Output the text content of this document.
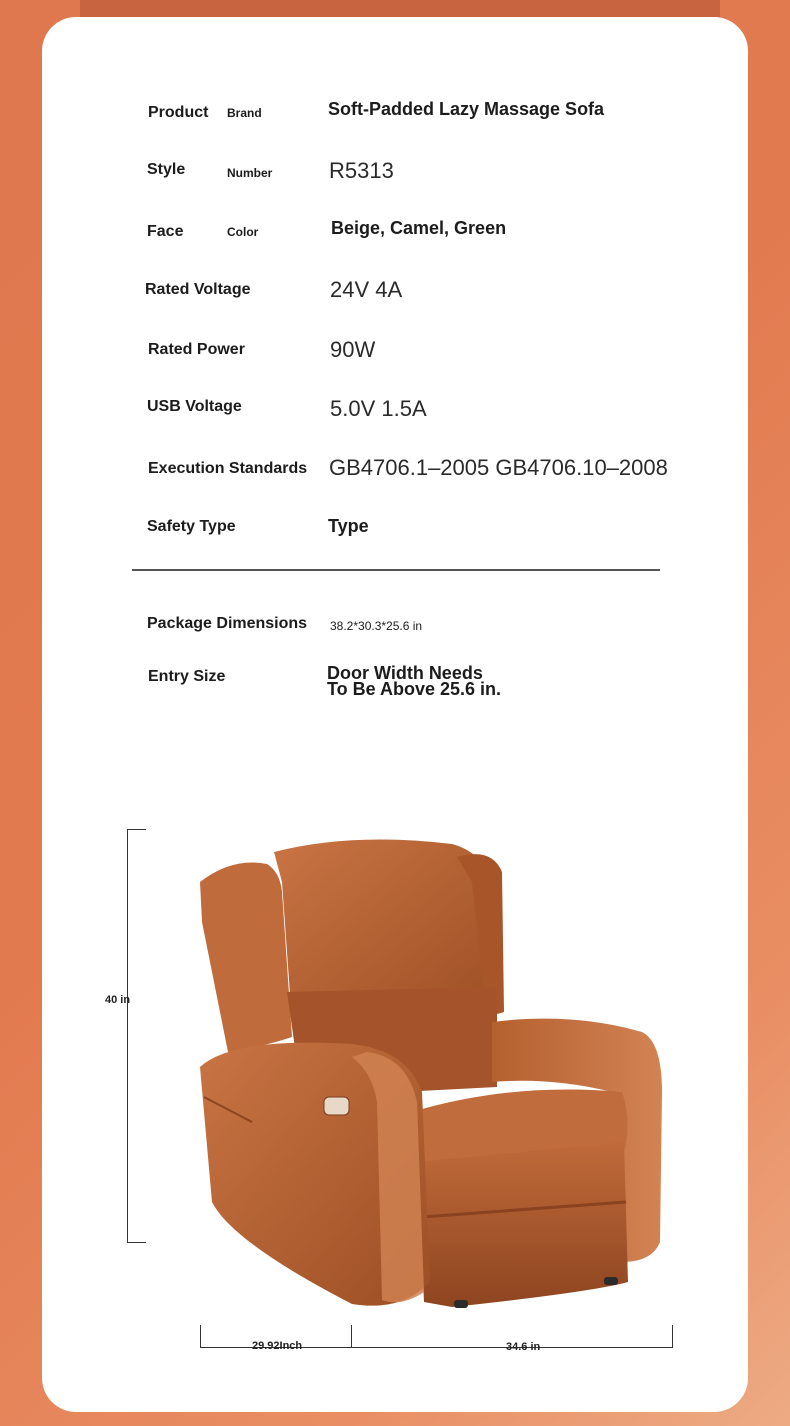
Product Brand	Soft-Padded Lazy Massage Sofa
Style	Number	R5313
Face	Color	Beige, Camel, Green
Rated Voltage	24V 4A
Rated Power	90W
USB Voltage	5.0V 1.5A
Execution Standards GB4706.1–2005 GB4706.10–2008
Safety Type	Type
Package Dimensions 38.2*30.3*25.6 in
Entry Size	Door Width Needs
To Be Above 25.6 in.
40 in
29.92Inch	34.6 in
